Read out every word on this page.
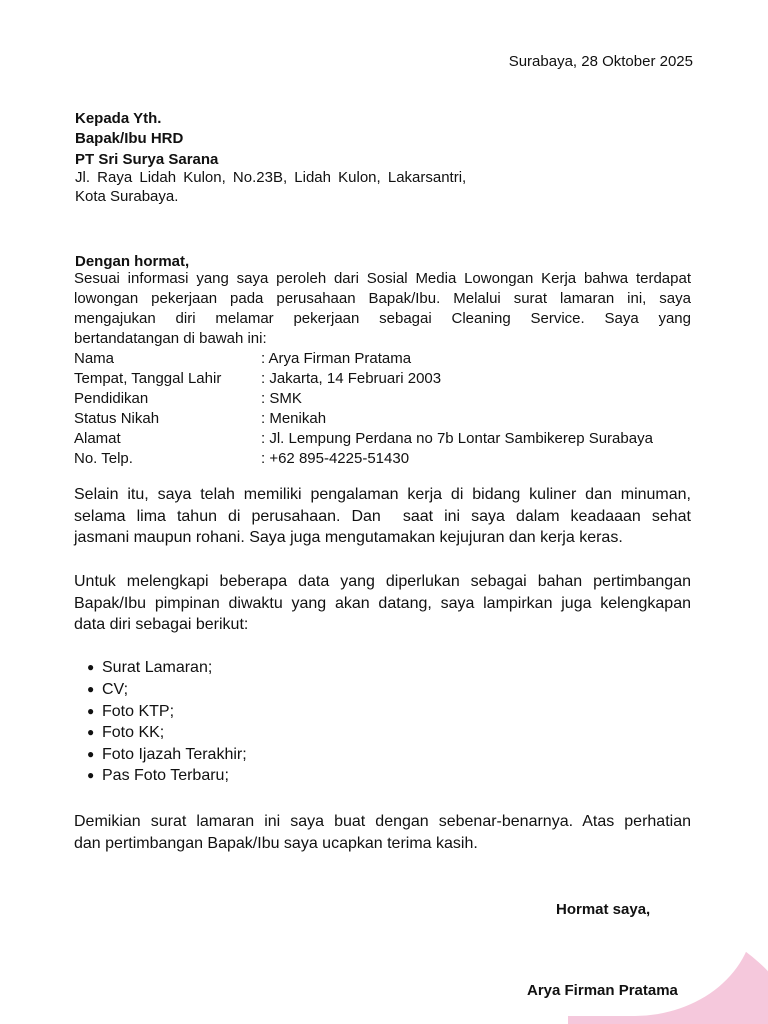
Surabaya, 28 Oktober 2025
Kepada Yth.
Bapak/Ibu HRD
PT Sri Surya Sarana
Jl. Raya Lidah Kulon, No.23B, Lidah Kulon, Lakarsantri,
Kota Surabaya.
Dengan hormat,
Sesuai informasi yang saya peroleh dari Sosial Media Lowongan Kerja bahwa terdapat
lowongan pekerjaan pada perusahaan Bapak/Ibu. Melalui surat lamaran ini, saya
mengajukan diri melamar pekerjaan sebagai Cleaning Service. Saya yang
bertandatangan di bawah ini:
Nama	: Arya Firman Pratama
Tempat, Tanggal Lahir	: Jakarta, 14 Februari 2003
Pendidikan	: SMK
Status Nikah	: Menikah
Alamat	: Jl. Lempung Perdana no 7b Lontar Sambikerep Surabaya
No. Telp.	: +62 895-4225-51430
Selain itu, saya telah memiliki pengalaman kerja di bidang kuliner dan minuman,
selama lima tahun di perusahaan. Dan  saat ini saya dalam keadaaan sehat
jasmani maupun rohani. Saya juga mengutamakan kejujuran dan kerja keras.
Untuk melengkapi beberapa data yang diperlukan sebagai bahan pertimbangan
Bapak/Ibu pimpinan diwaktu yang akan datang, saya lampirkan juga kelengkapan
data diri sebagai berikut:
● Surat Lamaran;
● CV;
● Foto KTP;
● Foto KK;
● Foto Ijazah Terakhir;
● Pas Foto Terbaru;
Demikian surat lamaran ini saya buat dengan sebenar-benarnya. Atas perhatian
dan pertimbangan Bapak/Ibu saya ucapkan terima kasih.
Hormat saya,
Arya Firman Pratama
